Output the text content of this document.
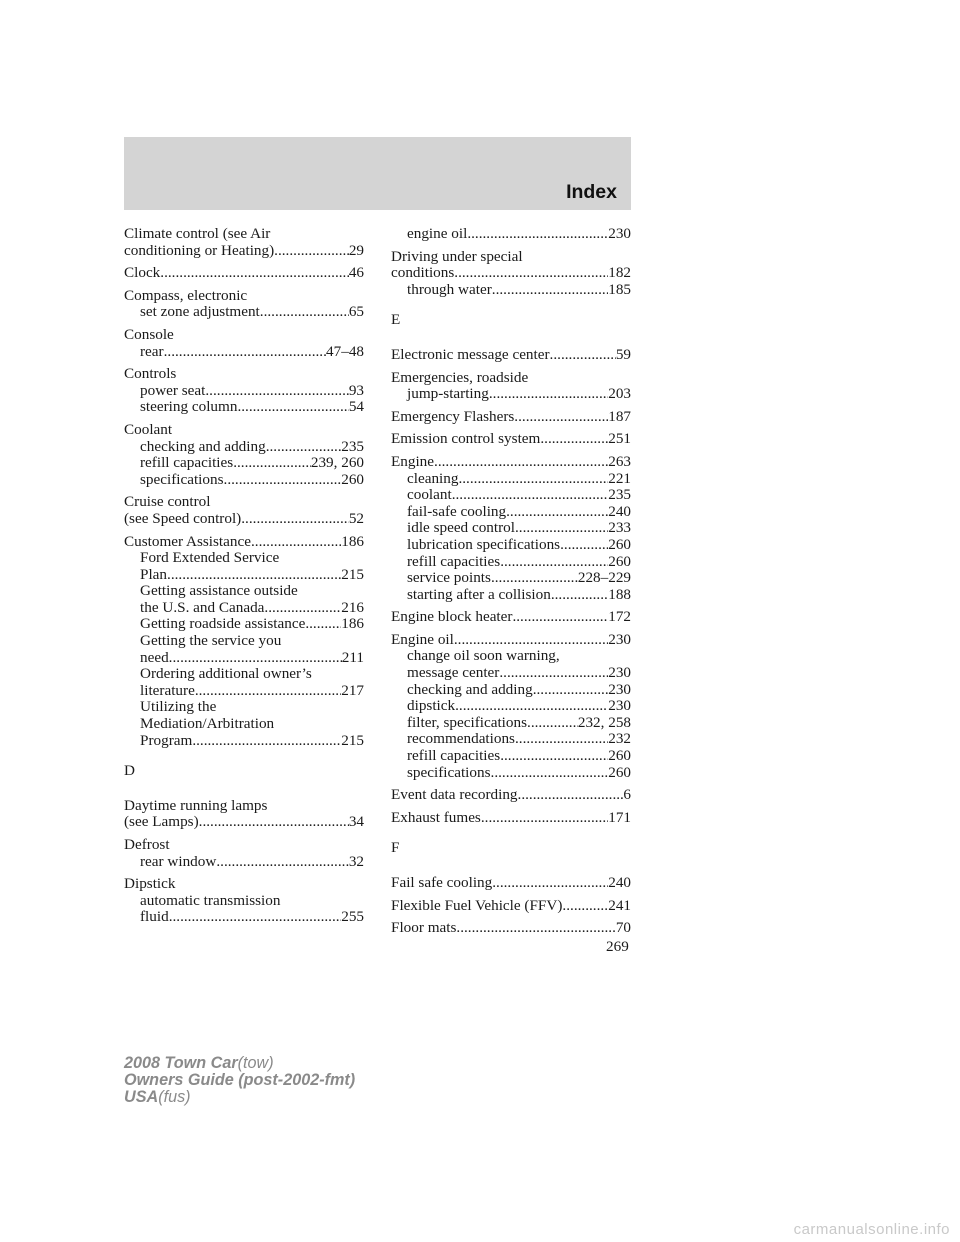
Index
Climate control (see Air
conditioning or Heating) .....	29
Clock .....	46
Compass, electronic
set zone adjustment .....	65
Console
rear .....	47–48
Controls
power seat .....	93
steering column .....	54
Coolant
checking and adding .....	235
refill capacities .....	239, 260
specifications .....	260
Cruise control
(see Speed control) .....	52
Customer Assistance .....	186
Ford Extended Service
Plan .....	215
Getting assistance outside
the U.S. and Canada .....	216
Getting roadside assistance ..... 186
Getting the service you
need .....	211
Ordering additional owner’s
literature .....	217
Utilizing the
Mediation/Arbitration
Program .....	215
D
Daytime running lamps
(see Lamps) .....	34
Defrost
rear window .....	32
Dipstick
automatic transmission
fluid .....	255
engine oil .....	230
Driving under special
conditions .....	182
through water .....	185
E
Electronic message center .....	59
Emergencies, roadside
jump-starting .....	203
Emergency Flashers .....	187
Emission control system .....	251
Engine .....	263
cleaning .....	221
coolant .....	235
fail-safe cooling .....	240
idle speed control .....	233
lubrication specifications .....	260
refill capacities .....	260
service points .....	228–229
starting after a collision .....	188
Engine block heater .....	172
Engine oil .....	230
change oil soon warning,
message center .....	230
checking and adding .....	230
dipstick .....	230
filter, specifications .....	232, 258
recommendations .....	232
refill capacities .....	260
specifications .....	260
Event data recording .....	6
Exhaust fumes .....	171
F
Fail safe cooling .....	240
Flexible Fuel Vehicle (FFV) .....	241
Floor mats .....	70
269
2008 Town Car(tow)
Owners Guide (post-2002-fmt)
USA(fus)
carmanualsonline.info
